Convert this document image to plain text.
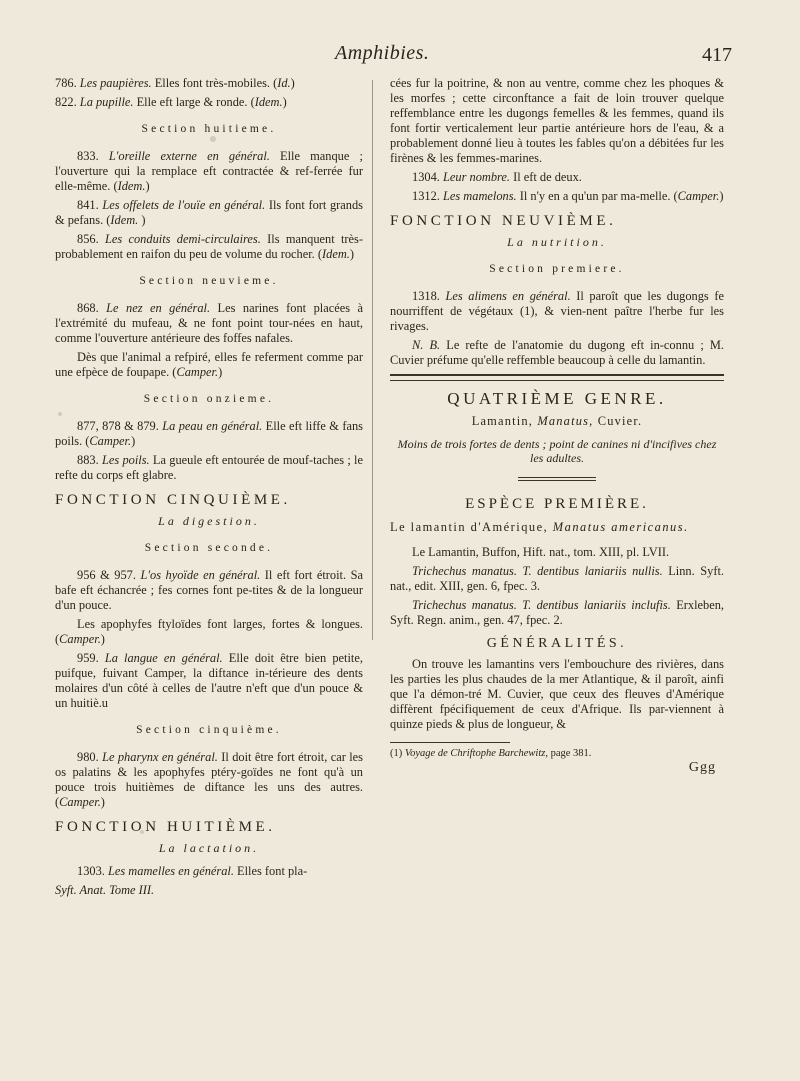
Amphibies.	417

786. Les paupières. Elles font très-mobiles. (Id.)

822. La pupille. Elle eft large & ronde. (Idem.)

Section huitieme.

833. L'oreille externe en général. Elle manque ; l'ouverture qui la remplace eft contractée & ref-ferrée fur elle-même. (Idem.)

841. Les offelets de l'ouïe en général. Ils font fort grands & pefans. (Idem. )

856. Les conduits demi-circulaires. Ils manquent très-probablement en raifon du peu de volume du rocher. (Idem.)

Section neuvieme.

868. Le nez en général. Les narines font placées à l'extrémité du mufeau, & ne font point tour-nées en haut, comme l'ouverture antérieure des foffes nafales.

Dès que l'animal a refpiré, elles fe referment comme par une efpèce de foupape. (Camper.)

Section onzieme.

877, 878 & 879. La peau en général. Elle eft liffe & fans poils. (Camper.)

883. Les poils. La gueule eft entourée de mouf-taches ; le refte du corps eft glabre.

FONCTION CINQUIÈME.
La digestion.
Section seconde.

956 & 957. L'os hyoïde en général. Il eft fort étroit. Sa bafe eft échancrée ; fes cornes font pe-tites & de la longueur d'un pouce.

Les apophyfes ftyloïdes font larges, fortes & longues. (Camper.)

959. La langue en général. Elle doit être bien petite, puifque, fuivant Camper, la diftance in-térieure des dents molaires d'un côté à celles de l'autre n'eft que d'un pouce & un huitiè.u

Section cinquième.

980. Le pharynx en général. Il doit être fort étroit, car les os palatins & les apophyfes ptéry-goïdes ne font qu'à un pouce trois huitièmes de diftance les uns des autres. (Camper.)

FONCTION HUITIÈME.
La lactation.

1303. Les mamelles en général. Elles font pla-

Syft. Anat. Tome III.

cées fur la poitrine, & non au ventre, comme chez les phoques & les morfes ; cette circonftance a fait de loin trouver quelque reffemblance entre les dugongs femelles & les femmes, quand ils font fortir verticalement leur partie antérieure hors de l'eau, & a probablement donné lieu à toutes les fables qu'on a débitées fur les firènes & les femmes-marines.

1304. Leur nombre. Il eft de deux.

1312. Les mamelons. Il n'y en a qu'un par ma-melle. (Camper.)

FONCTION NEUVIÈME.
La nutrition.
Section premiere.

1318. Les alimens en général. Il paroît que les dugongs fe nourriffent de végétaux (1), & vien-nent paître l'herbe fur les rivages.

N. B. Le refte de l'anatomie du dugong eft in-connu ; M. Cuvier préfume qu'elle reffemble beaucoup à celle du lamantin.

QUATRIÈME GENRE.
Lamantin, Manatus, Cuvier.
Moins de trois fortes de dents ; point de canines ni d'incifives chez les adultes.
ESPÈCE PREMIÈRE.
Le lamantin d'Amérique, Manatus americanus.

Le Lamantin, Buffon, Hift. nat., tom. XIII, pl. LVII.

Trichechus manatus. T. dentibus laniariis nullis. Linn. Syft. nat., edit. XIII, gen. 6, fpec. 3.

Trichechus manatus. T. dentibus laniariis inclufis. Erxleben, Syft. Regn. anim., gen. 47, fpec. 2.

GÉNÉRALITÉS.

On trouve les lamantins vers l'embouchure des rivières, dans les parties les plus chaudes de la mer Atlantique, & il paroît, ainfi que l'a démon-tré M. Cuvier, que ceux des fleuves d'Amérique diffèrent fpécifiquement de ceux d'Afrique. Ils par-viennent à quinze pieds & plus de longueur, &

(1) Voyage de Chriftophe Barchewitz, page 381.
Ggg
